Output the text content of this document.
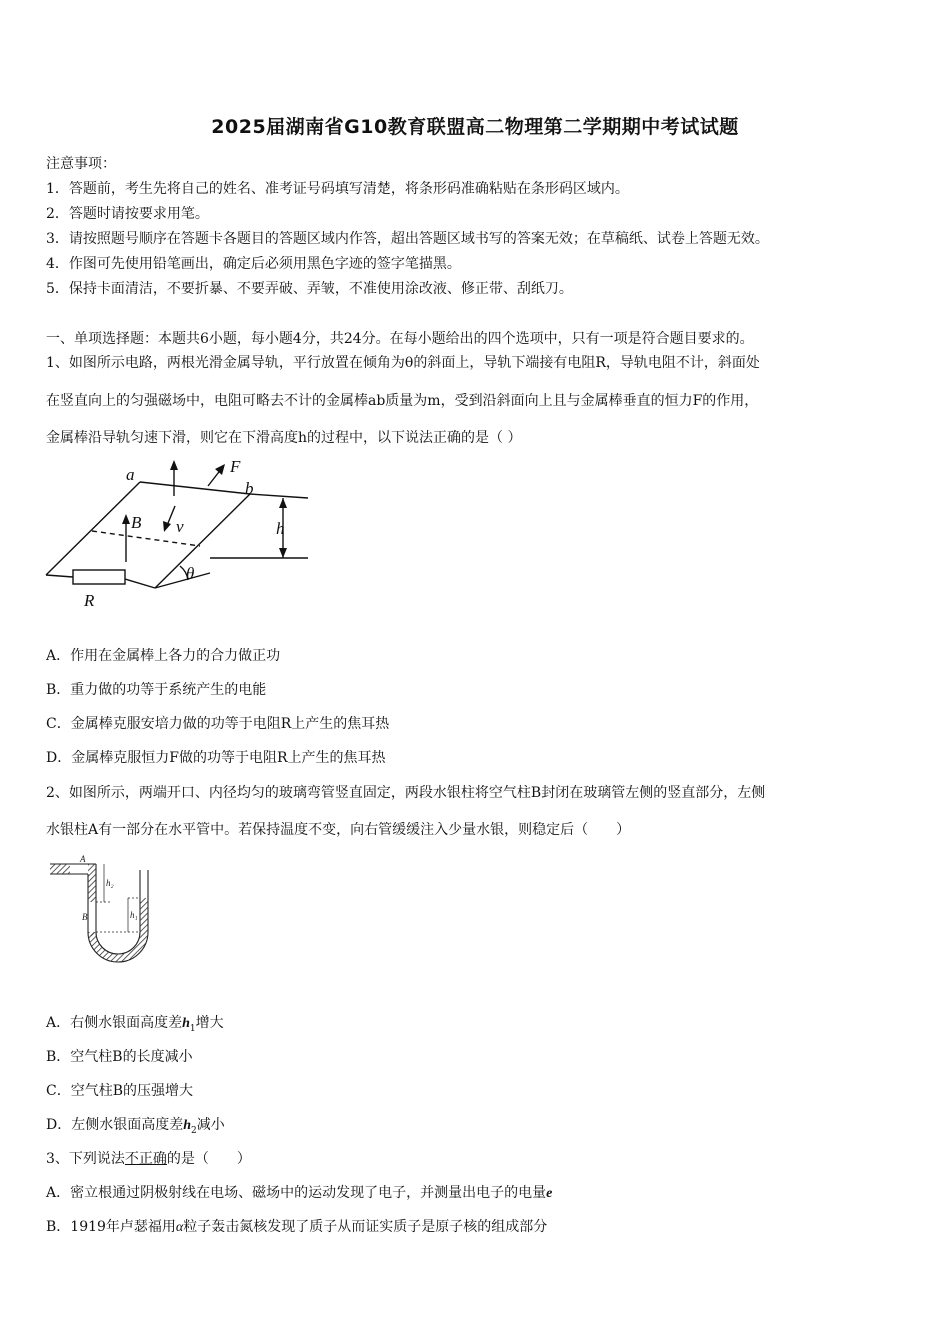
2025届湖南省G10教育联盟高二物理第二学期期中考试试题
注意事项：
1．答题前，考生先将自己的姓名、准考证号码填写清楚，将条形码准确粘贴在条形码区域内。
2．答题时请按要求用笔。
3．请按照题号顺序在答题卡各题目的答题区域内作答，超出答题区域书写的答案无效；在草稿纸、试卷上答题无效。
4．作图可先使用铅笔画出，确定后必须用黑色字迹的签字笔描黑。
5．保持卡面清洁，不要折暴、不要弄破、弄皱，不准使用涂改液、修正带、刮纸刀。
一、单项选择题：本题共6小题，每小题4分，共24分。在每小题给出的四个选项中，只有一项是符合题目要求的。
1、如图所示电路，两根光滑金属导轨，平行放置在倾角为θ的斜面上，导轨下端接有电阻R，导轨电阻不计，斜面处
在竖直向上的匀强磁场中，电阻可略去不计的金属棒ab质量为m，受到沿斜面向上且与金属棒垂直的恒力F的作用，
金属棒沿导轨匀速下滑，则它在下滑高度h的过程中，以下说法正确的是（ ）
a	F
b
B v	h
R
θ
A．作用在金属棒上各力的合力做正功
B．重力做的功等于系统产生的电能
C．金属棒克服安培力做的功等于电阻R上产生的焦耳热
D．金属棒克服恒力F做的功等于电阻R上产生的焦耳热
2、如图所示，两端开口、内径均匀的玻璃弯管竖直固定，两段水银柱将空气柱B封闭在玻璃管左侧的竖直部分，左侧
水银柱A有一部分在水平管中。若保持温度不变，向右管缓缓注入少量水银，则稳定后（　　）
A
B
h₂
h₁
A．右侧水银面高度差$h_1$增大
B．空气柱B的长度减小
C．空气柱B的压强增大
D．左侧水银面高度差$h_2$减小
3、下列说法不正确的是（　　）
A．密立根通过阴极射线在电场、磁场中的运动发现了电子，并测量出电子的电量e
B．1919年卢瑟福用α粒子轰击氮核发现了质子从而证实质子是原子核的组成部分
